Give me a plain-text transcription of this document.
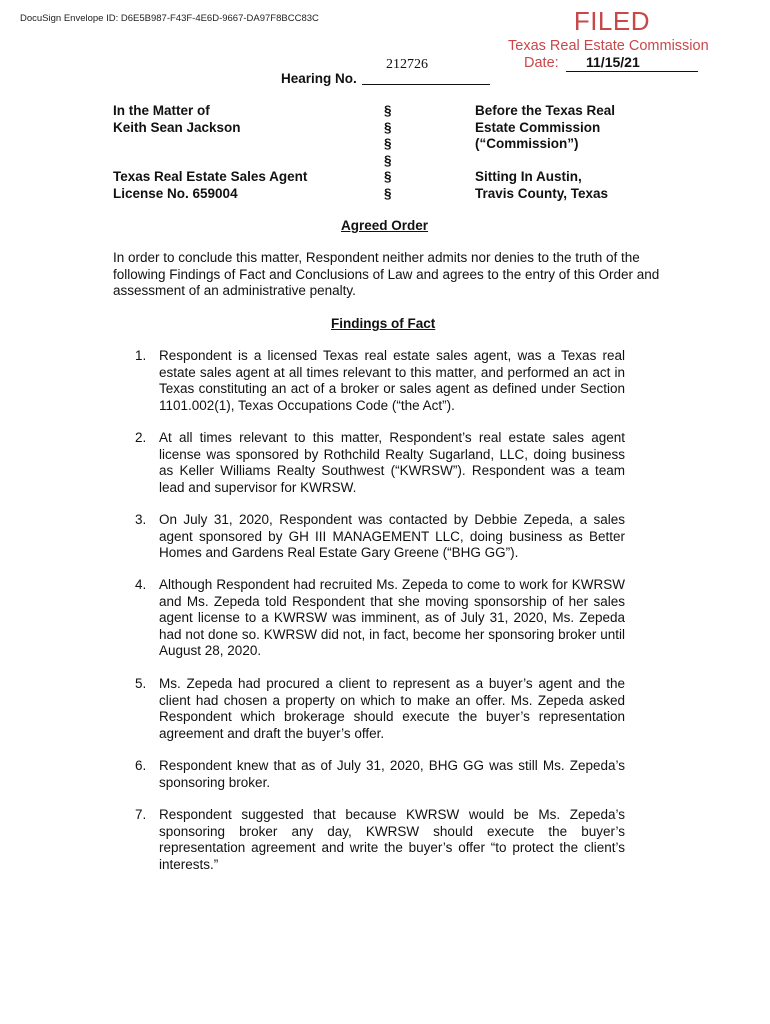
DocuSign Envelope ID: D6E5B987-F43F-4E6D-9667-DA97F8BCC83C	FILED
Texas Real Estate Commission
Date:	11/15/21
212726
Hearing No.
In the Matter of
Keith Sean Jackson
Texas Real Estate Sales Agent
License No. 659004
§
§
§
§
§
§
Before the Texas Real
Estate Commission
(“Commission”)
Sitting In Austin,
Travis County, Texas
Agreed Order
In order to conclude this matter, Respondent neither admits nor denies to the truth of the following Findings of Fact and Conclusions of Law and agrees to the entry of this Order and assessment of an administrative penalty.
Findings of Fact
1. Respondent is a licensed Texas real estate sales agent, was a Texas real estate sales agent at all times relevant to this matter, and performed an act in Texas constituting an act of a broker or sales agent as defined under Section 1101.002(1), Texas Occupations Code (“the Act”).
2. At all times relevant to this matter, Respondent’s real estate sales agent license was sponsored by Rothchild Realty Sugarland, LLC, doing business as Keller Williams Realty Southwest (“KWRSW”). Respondent was a team lead and supervisor for KWRSW.
3. On July 31, 2020, Respondent was contacted by Debbie Zepeda, a sales agent sponsored by GH III MANAGEMENT LLC, doing business as Better Homes and Gardens Real Estate Gary Greene (“BHG GG”).
4. Although Respondent had recruited Ms. Zepeda to come to work for KWRSW and Ms. Zepeda told Respondent that she moving sponsorship of her sales agent license to a KWRSW was imminent, as of July 31, 2020, Ms. Zepeda had not done so. KWRSW did not, in fact, become her sponsoring broker until August 28, 2020.
5. Ms. Zepeda had procured a client to represent as a buyer’s agent and the client had chosen a property on which to make an offer. Ms. Zepeda asked Respondent which brokerage should execute the buyer’s representation agreement and draft the buyer’s offer.
6. Respondent knew that as of July 31, 2020, BHG GG was still Ms. Zepeda’s sponsoring broker.
7. Respondent suggested that because KWRSW would be Ms. Zepeda’s sponsoring broker any day, KWRSW should execute the buyer’s representation agreement and write the buyer’s offer “to protect the client’s interests.”
